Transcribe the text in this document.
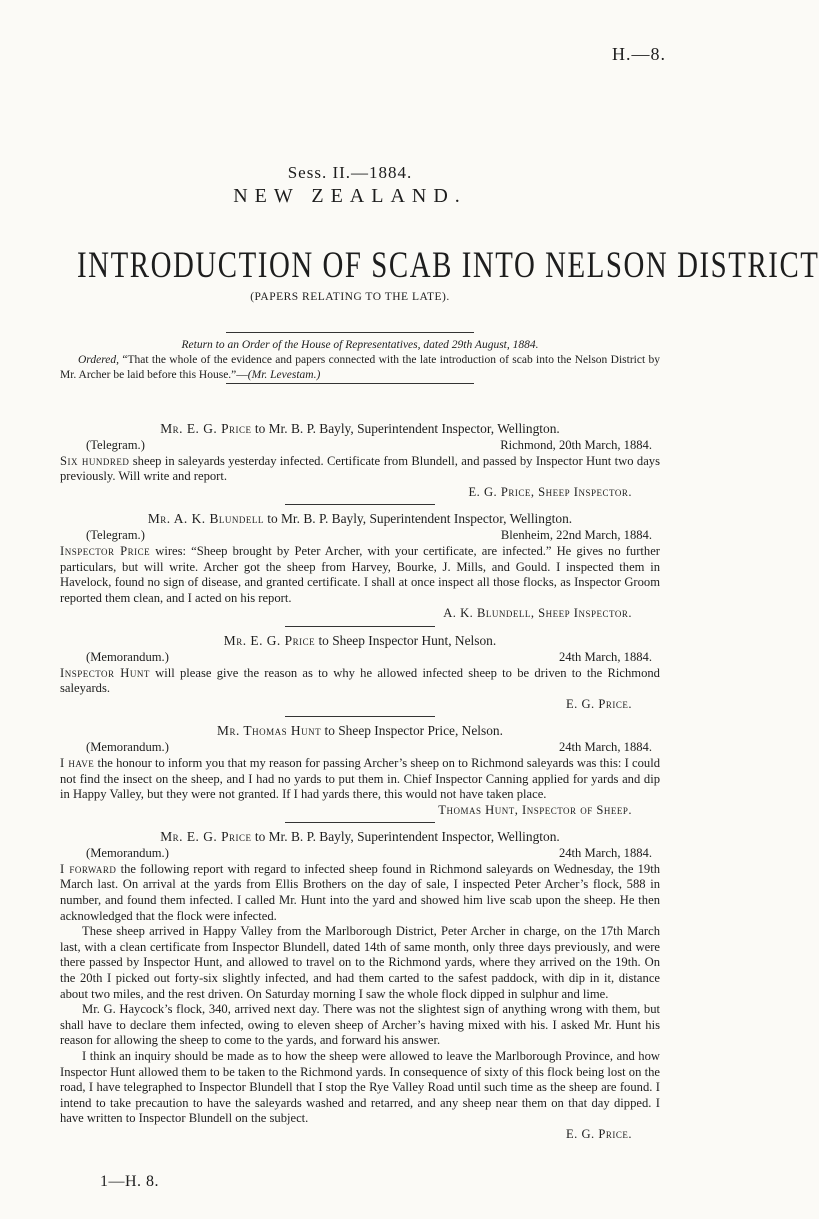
H.—8.
Sess. II.—1884.
NEW ZEALAND.
INTRODUCTION OF SCAB INTO NELSON DISTRICT
(PAPERS RELATING TO THE LATE).
Return to an Order of the House of Representatives, dated 29th August, 1884.
Ordered, “That the whole of the evidence and papers connected with the late introduction of scab into the Nelson District by Mr. Archer be laid before this House.”—(Mr. Levestam.)
Mr. E. G. Price to Mr. B. P. Bayly, Superintendent Inspector, Wellington.
(Telegram.)	Richmond, 20th March, 1884.

Six hundred sheep in saleyards yesterday infected. Certificate from Blundell, and passed by Inspector Hunt two days previously. Will write and report.

E. G. Price, Sheep Inspector.
Mr. A. K. Blundell to Mr. B. P. Bayly, Superintendent Inspector, Wellington.
(Telegram.)	Blenheim, 22nd March, 1884.

Inspector Price wires: “Sheep brought by Peter Archer, with your certificate, are infected.” He gives no further particulars, but will write. Archer got the sheep from Harvey, Bourke, J. Mills, and Gould. I inspected them in Havelock, found no sign of disease, and granted certificate. I shall at once inspect all those flocks, as Inspector Groom reported them clean, and I acted on his report.

A. K. Blundell, Sheep Inspector.
Mr. E. G. Price to Sheep Inspector Hunt, Nelson.
(Memorandum.)	24th March, 1884.

Inspector Hunt will please give the reason as to why he allowed infected sheep to be driven to the Richmond saleyards.

E. G. Price.
Mr. Thomas Hunt to Sheep Inspector Price, Nelson.
(Memorandum.)	24th March, 1884.

I have the honour to inform you that my reason for passing Archer’s sheep on to Richmond saleyards was this: I could not find the insect on the sheep, and I had no yards to put them in. Chief Inspector Canning applied for yards and dip in Happy Valley, but they were not granted. If I had yards there, this would not have taken place.

Thomas Hunt, Inspector of Sheep.
Mr. E. G. Price to Mr. B. P. Bayly, Superintendent Inspector, Wellington.
(Memorandum.)	24th March, 1884.

I forward the following report with regard to infected sheep found in Richmond saleyards on Wednesday, the 19th March last. On arrival at the yards from Ellis Brothers on the day of sale, I inspected Peter Archer’s flock, 588 in number, and found them infected. I called Mr. Hunt into the yard and showed him live scab upon the sheep. He then acknowledged that the flock were infected.

These sheep arrived in Happy Valley from the Marlborough District, Peter Archer in charge, on the 17th March last, with a clean certificate from Inspector Blundell, dated 14th of same month, only three days previously, and were there passed by Inspector Hunt, and allowed to travel on to the Richmond yards, where they arrived on the 19th. On the 20th I picked out forty-six slightly infected, and had them carted to the safest paddock, with dip in it, distance about two miles, and the rest driven. On Saturday morning I saw the whole flock dipped in sulphur and lime.

Mr. G. Haycock’s flock, 340, arrived next day. There was not the slightest sign of anything wrong with them, but shall have to declare them infected, owing to eleven sheep of Archer’s having mixed with his. I asked Mr. Hunt his reason for allowing the sheep to come to the yards, and forward his answer.

I think an inquiry should be made as to how the sheep were allowed to leave the Marlborough Province, and how Inspector Hunt allowed them to be taken to the Richmond yards. In consequence of sixty of this flock being lost on the road, I have telegraphed to Inspector Blundell that I stop the Rye Valley Road until such time as the sheep are found. I intend to take precaution to have the saleyards washed and retarred, and any sheep near them on that day dipped. I have written to Inspector Blundell on the subject.

E. G. Price.
1—H. 8.
